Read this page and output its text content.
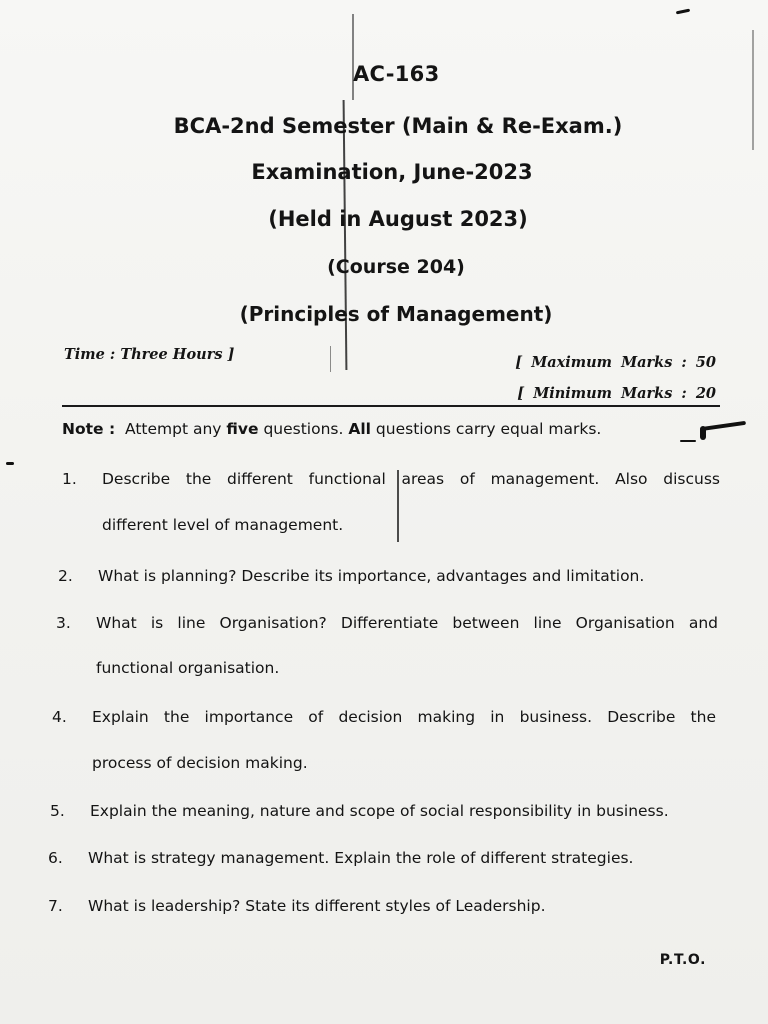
AC-163
BCA-2nd Semester (Main & Re-Exam.)
Examination, June-2023
(Held in August 2023)
(Course 204)
(Principles of Management)
Time : Three Hours ]	[ Maximum Marks : 50
[ Minimum Marks : 20
Note : Attempt any five questions. All questions carry equal marks.
1. Describe the different functional areas of management. Also discuss
different level of management.
2. What is planning? Describe its importance, advantages and limitation.
3. What is line Organisation? Differentiate between line Organisation and
functional organisation.
4. Explain the importance of decision making in business. Describe the
process of decision making.
5. Explain the meaning, nature and scope of social responsibility in business.
6. What is strategy management. Explain the role of different strategies.
7. What is leadership? State its different styles of Leadership.
P.T.O.
